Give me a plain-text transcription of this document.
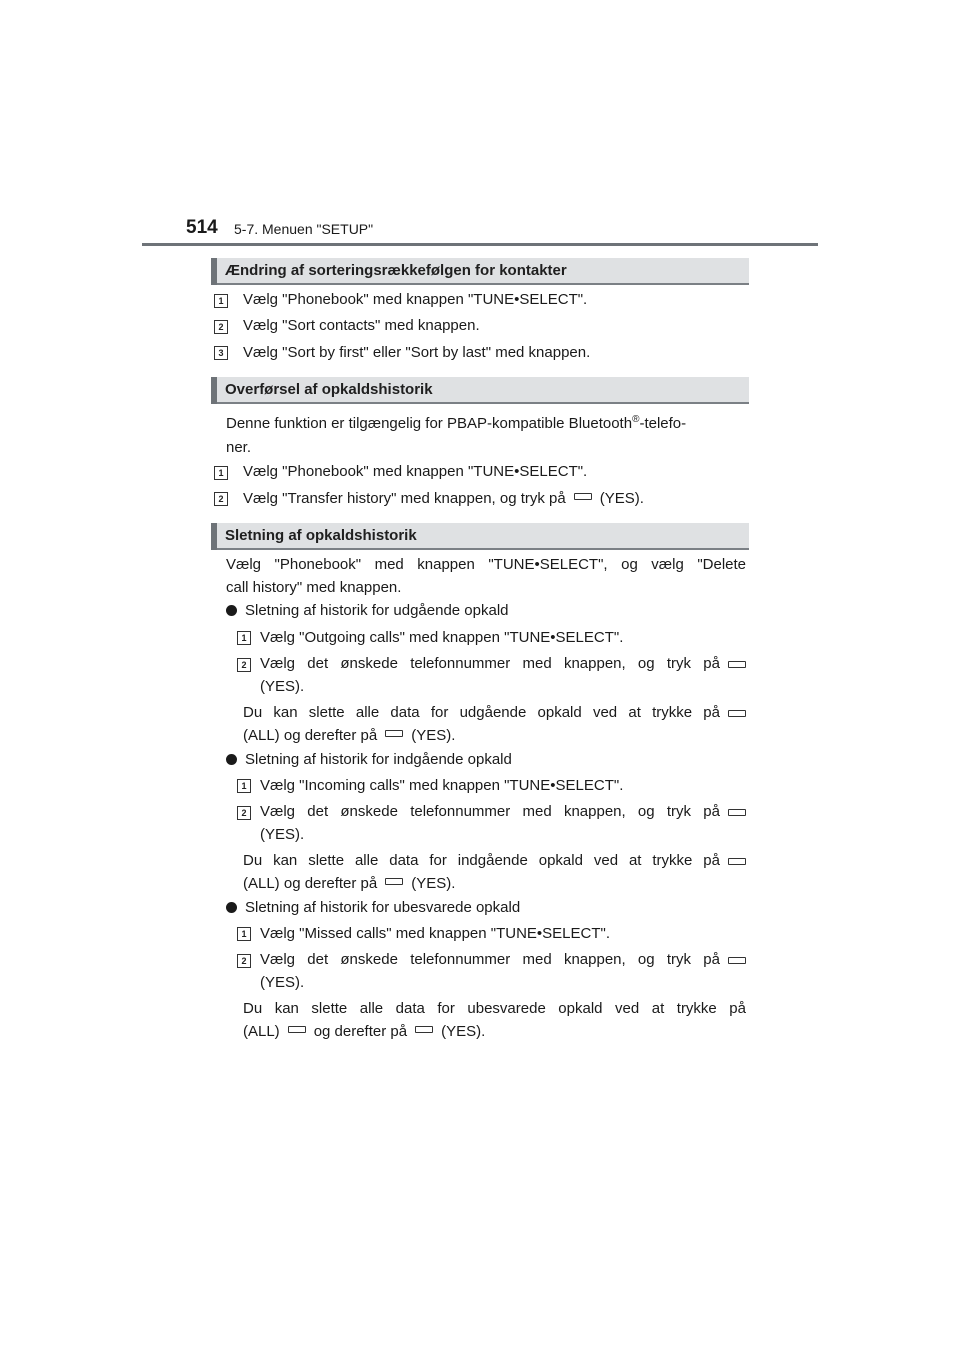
514 5-7. Menuen "SETUP"
Ændring af sorteringsrækkefølgen for kontakter
1	Vælg "Phonebook" med knappen "TUNE•SELECT".
2	Vælg "Sort contacts" med knappen.
3	Vælg "Sort by first" eller "Sort by last" med knappen.
Overførsel af opkaldshistorik
Denne funktion er tilgængelig for PBAP-kompatible Bluetooth®-telefo-
ner.
1	Vælg "Phonebook" med knappen "TUNE•SELECT".
2	Vælg "Transfer history" med knappen, og tryk på (YES).
Sletning af opkaldshistorik
Vælg "Phonebook" med knappen "TUNE•SELECT", og vælg "Delete
call history" med knappen.
Sletning af historik for udgående opkald
1 Vælg "Outgoing calls" med knappen "TUNE•SELECT".
2 Vælg det ønskede telefonnummer med knappen, og tryk på
(YES).
Du kan slette alle data for udgående opkald ved at trykke på
(ALL) og derefter på (YES).
Sletning af historik for indgående opkald
1 Vælg "Incoming calls" med knappen "TUNE•SELECT".
2 Vælg det ønskede telefonnummer med knappen, og tryk på
(YES).
Du kan slette alle data for indgående opkald ved at trykke på
(ALL) og derefter på (YES).
Sletning af historik for ubesvarede opkald
1 Vælg "Missed calls" med knappen "TUNE•SELECT".
2 Vælg det ønskede telefonnummer med knappen, og tryk på
(YES).
Du kan slette alle data for ubesvarede opkald ved at trykke på
(ALL) og derefter på (YES).
